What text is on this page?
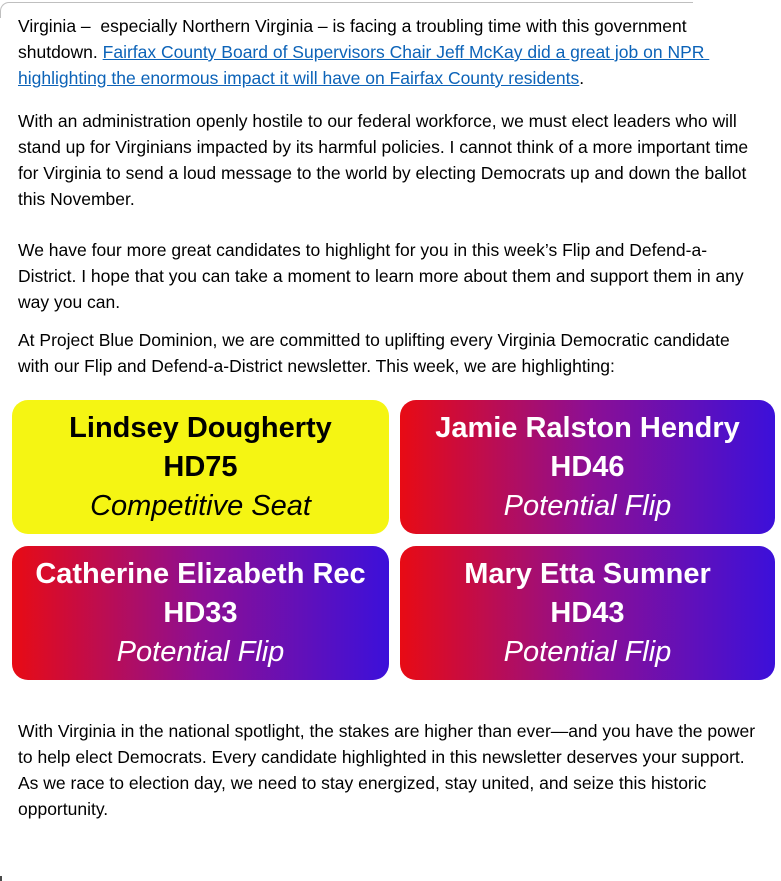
Virginia –  especially Northern Virginia – is facing a troubling time with this government shutdown. Fairfax County Board of Supervisors Chair Jeff McKay did a great job on NPR  highlighting the enormous impact it will have on Fairfax County residents.

With an administration openly hostile to our federal workforce, we must elect leaders who will stand up for Virginians impacted by its harmful policies. I cannot think of a more important time for Virginia to send a loud message to the world by electing Democrats up and down the ballot this November.

We have four more great candidates to highlight for you in this week’s Flip and Defend-a-District. I hope that you can take a moment to learn more about them and support them in any way you can.

At Project Blue Dominion, we are committed to uplifting every Virginia Democratic candidate with our Flip and Defend-a-District newsletter. This week, we are highlighting:

Lindsey Dougherty
HD75
Competitive Seat
Jamie Ralston Hendry
HD46
Potential Flip
Catherine Elizabeth Rec
HD33
Potential Flip
Mary Etta Sumner
HD43
Potential Flip

With Virginia in the national spotlight, the stakes are higher than ever—and you have the power to help elect Democrats. Every candidate highlighted in this newsletter deserves your support. As we race to election day, we need to stay energized, stay united, and seize this historic opportunity.
